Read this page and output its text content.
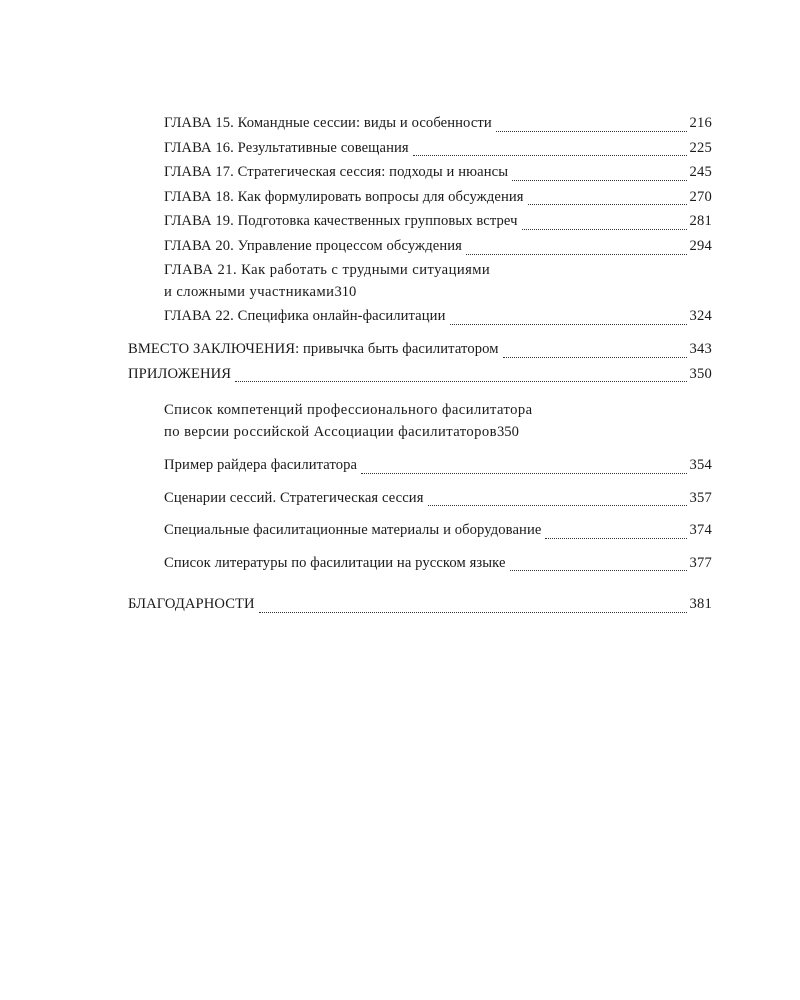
ГЛАВА 15. Командные сессии: виды и особенности	216
ГЛАВА 16. Результативные совещания	225
ГЛАВА 17. Стратегическая сессия: подходы и нюансы	245
ГЛАВА 18. Как формулировать вопросы для обсуждения	270
ГЛАВА 19. Подготовка качественных групповых встреч	281
ГЛАВА 20. Управление процессом обсуждения	294
ГЛАВА 21. Как работать с трудными ситуациями
и сложными участниками 310
ГЛАВА 22. Специфика онлайн-фасилитации	324
ВМЕСТО ЗАКЛЮЧЕНИЯ: привычка быть фасилитатором	343
ПРИЛОЖЕНИЯ	350
Список компетенций профессионального фасилитатора
по версии российской Ассоциации фасилитаторов 350
Пример райдера фасилитатора	354
Сценарии сессий. Стратегическая сессия	357
Специальные фасилитационные материалы и оборудование	374
Список литературы по фасилитации на русском языке	377
БЛАГОДАРНОСТИ	381
